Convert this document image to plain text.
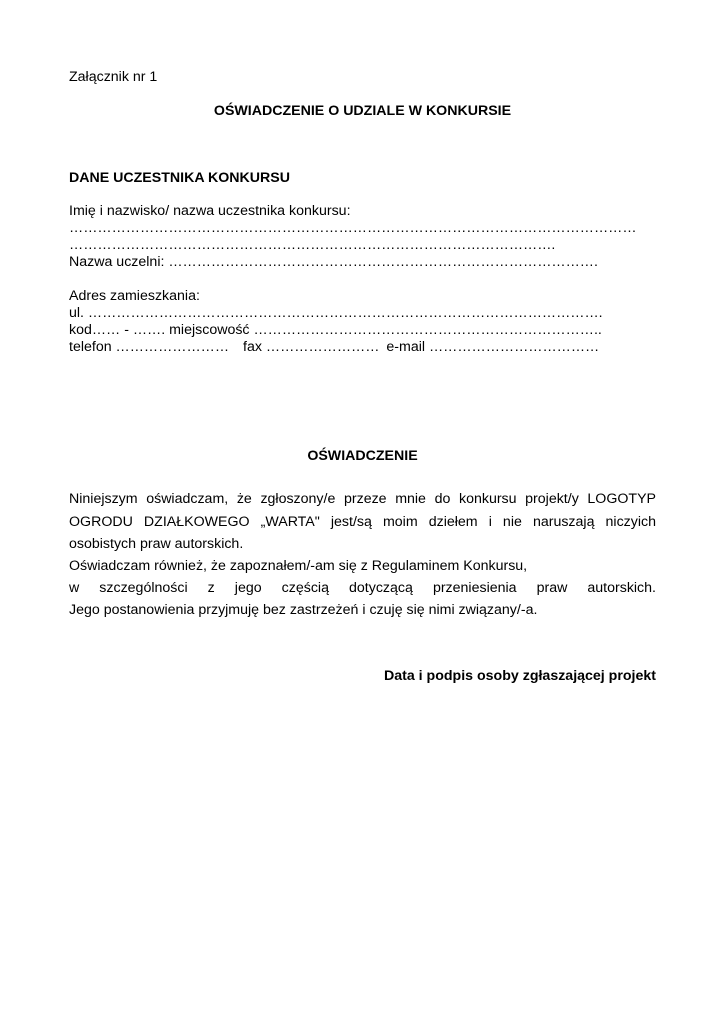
Załącznik nr 1
OŚWIADCZENIE O UDZIALE W KONKURSIE
DANE UCZESTNIKA KONKURSU
Imię i nazwisko/ nazwa uczestnika konkursu:
…………………………………………………………………………………………………………
………………………………………………………………………………………….
Nazwa uczelni: ……………………………………………………………………………….
Adres zamieszkania:
ul. ……………………………………………………………………………………………….
kod…… - ……. miejscowość ………………………………………………………………..
telefon …………………… fax …………………… e-mail ………………………………
OŚWIADCZENIE
Niniejszym oświadczam, że zgłoszony/e przeze mnie do konkursu projekt/y LOGOTYP
OGRODU DZIAŁKOWEGO „WARTA" jest/są moim dziełem i nie naruszają niczyich
osobistych praw autorskich.
Oświadczam również, że zapoznałem/-am się z Regulaminem Konkursu,
w szczególności z jego częścią dotyczącą przeniesienia praw autorskich.
Jego postanowienia przyjmuję bez zastrzeżeń i czuję się nimi związany/-a.
Data i podpis osoby zgłaszającej projekt
